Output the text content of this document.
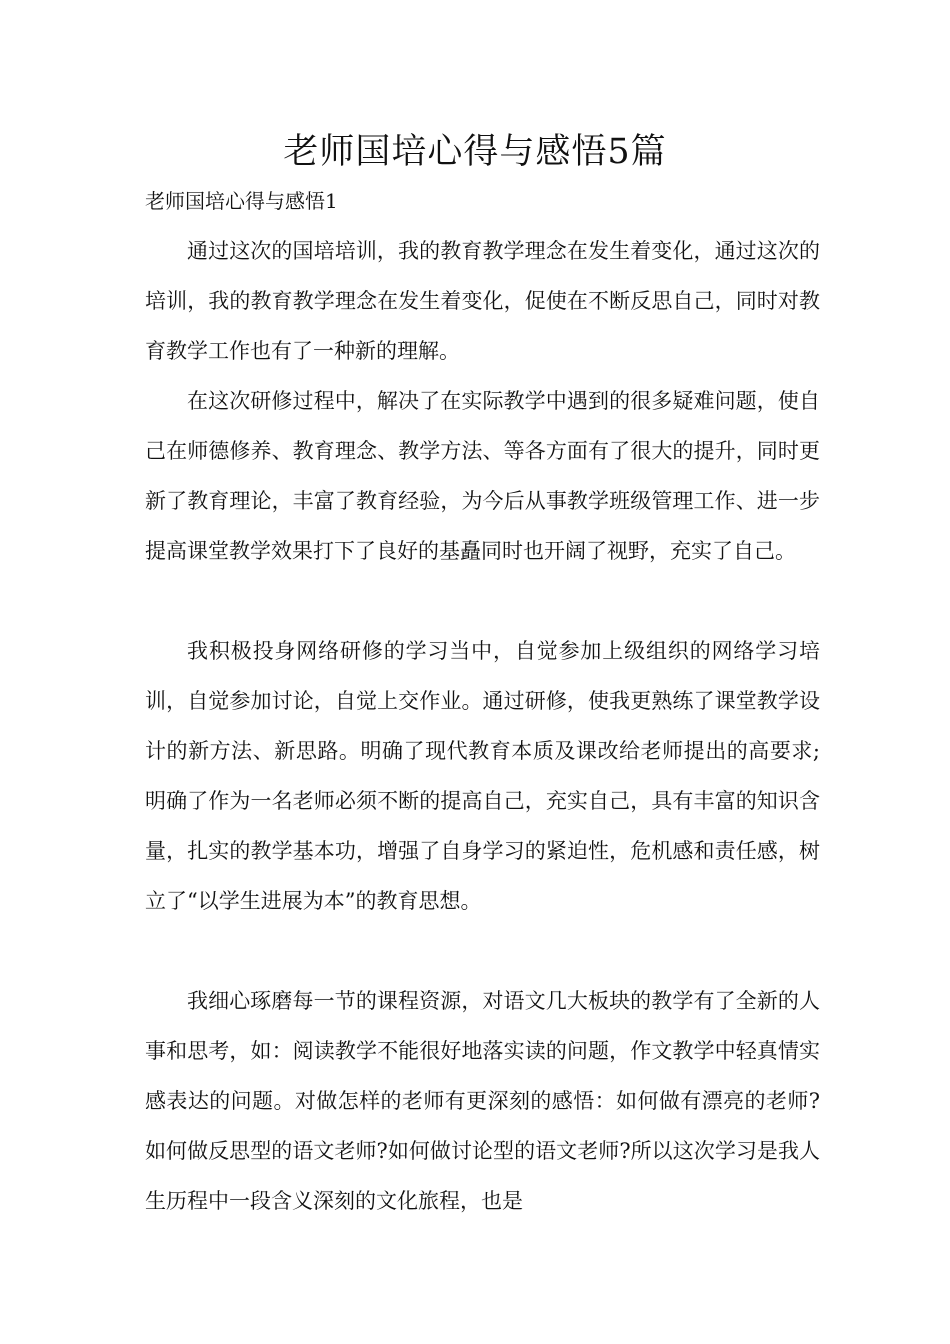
老师国培心得与感悟5篇
老师国培心得与感悟1

通过这次的国培培训，我的教育教学理念在发生着变化，通过这次的培训，我的教育教学理念在发生着变化，促使在不断反思自己，同时对教育教学工作也有了一种新的理解。

在这次研修过程中，解决了在实际教学中遇到的很多疑难问题，使自己在师德修养、教育理念、教学方法、等各方面有了很大的提升，同时更新了教育理论，丰富了教育经验，为今后从事教学班级管理工作、进一步提高课堂教学效果打下了良好的基矗同时也开阔了视野，充实了自己。

我积极投身网络研修的学习当中，自觉参加上级组织的网络学习培训，自觉参加讨论，自觉上交作业。通过研修，使我更熟练了课堂教学设计的新方法、新思路。明确了现代教育本质及课改给老师提出的高要求;明确了作为一名老师必须不断的提高自己，充实自己，具有丰富的知识含量，扎实的教学基本功，增强了自身学习的紧迫性，危机感和责任感，树立了“以学生进展为本”的教育思想。

我细心琢磨每一节的课程资源，对语文几大板块的教学有了全新的人事和思考，如：阅读教学不能很好地落实读的问题，作文教学中轻真情实感表达的问题。对做怎样的老师有更深刻的感悟：如何做有漂亮的老师?如何做反思型的语文老师?如何做讨论型的语文老师?所以这次学习是我人生历程中一段含义深刻的文化旅程，也是
